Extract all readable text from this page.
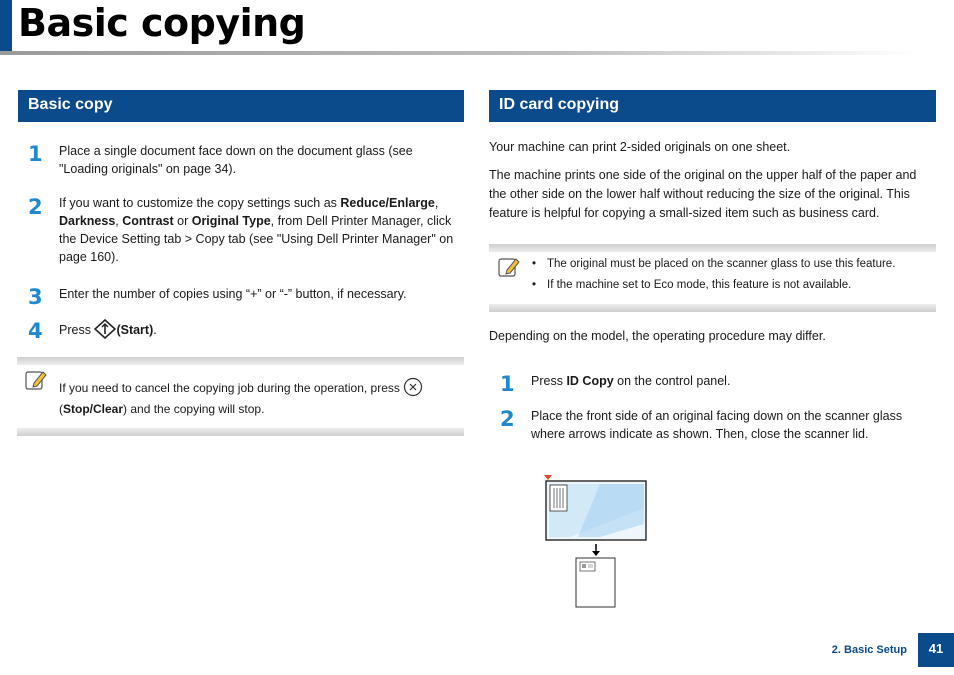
Basic copying
Basic copy
1 Place a single document face down on the document glass (see "Loading originals" on page 34).
2 If you want to customize the copy settings such as Reduce/Enlarge, Darkness, Contrast or Original Type, from Dell Printer Manager, click the Device Setting tab > Copy tab (see "Using Dell Printer Manager" on page 160).
3 Enter the number of copies using “+” or “-” button, if necessary.
4 Press (Start).
If you need to cancel the copying job during the operation, press
(Stop/Clear) and the copying will stop.
ID card copying
Your machine can print 2-sided originals on one sheet.
The machine prints one side of the original on the upper half of the paper and the other side on the lower half without reducing the size of the original. This feature is helpful for copying a small-sized item such as business card.
• The original must be placed on the scanner glass to use this feature.
• If the machine set to Eco mode, this feature is not available.
Depending on the model, the operating procedure may differ.
1 Press ID Copy on the control panel.
2 Place the front side of an original facing down on the scanner glass where arrows indicate as shown. Then, close the scanner lid.
2. Basic Setup	41
